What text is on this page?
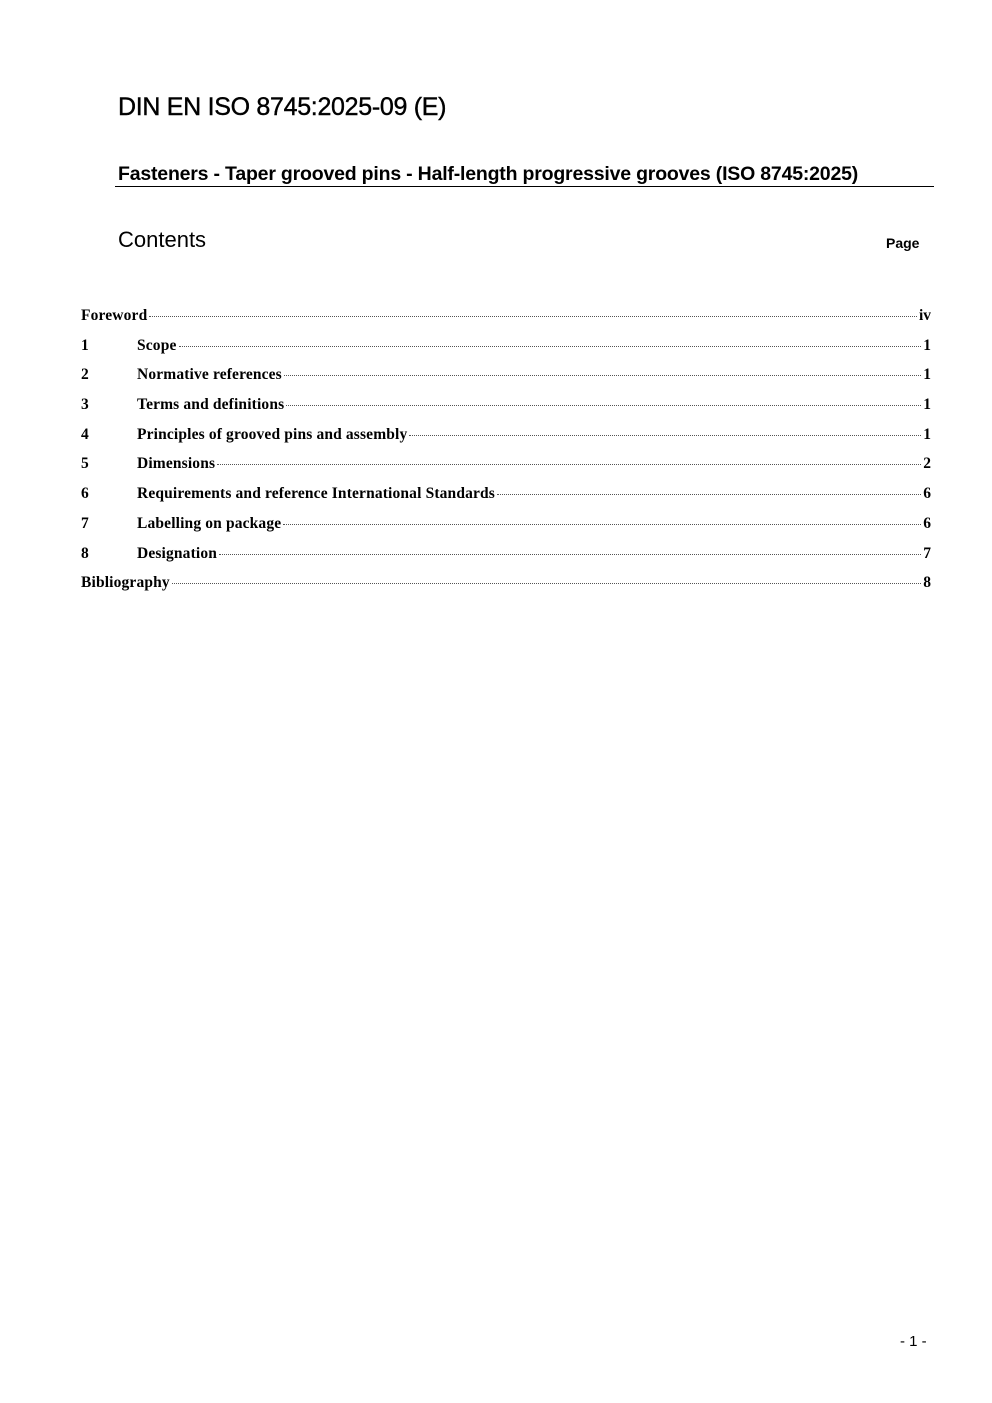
DIN EN ISO 8745:2025-09 (E)
Fasteners - Taper grooved pins - Half-length progressive grooves (ISO 8745:2025)
Contents	Page
Foreword	iv
1	Scope	1
2	Normative references	1
3	Terms and definitions	1
4	Principles of grooved pins and assembly	1
5	Dimensions	2
6	Requirements and reference International Standards	6
7	Labelling on package	6
8	Designation	7
Bibliography	8
- 1 -
